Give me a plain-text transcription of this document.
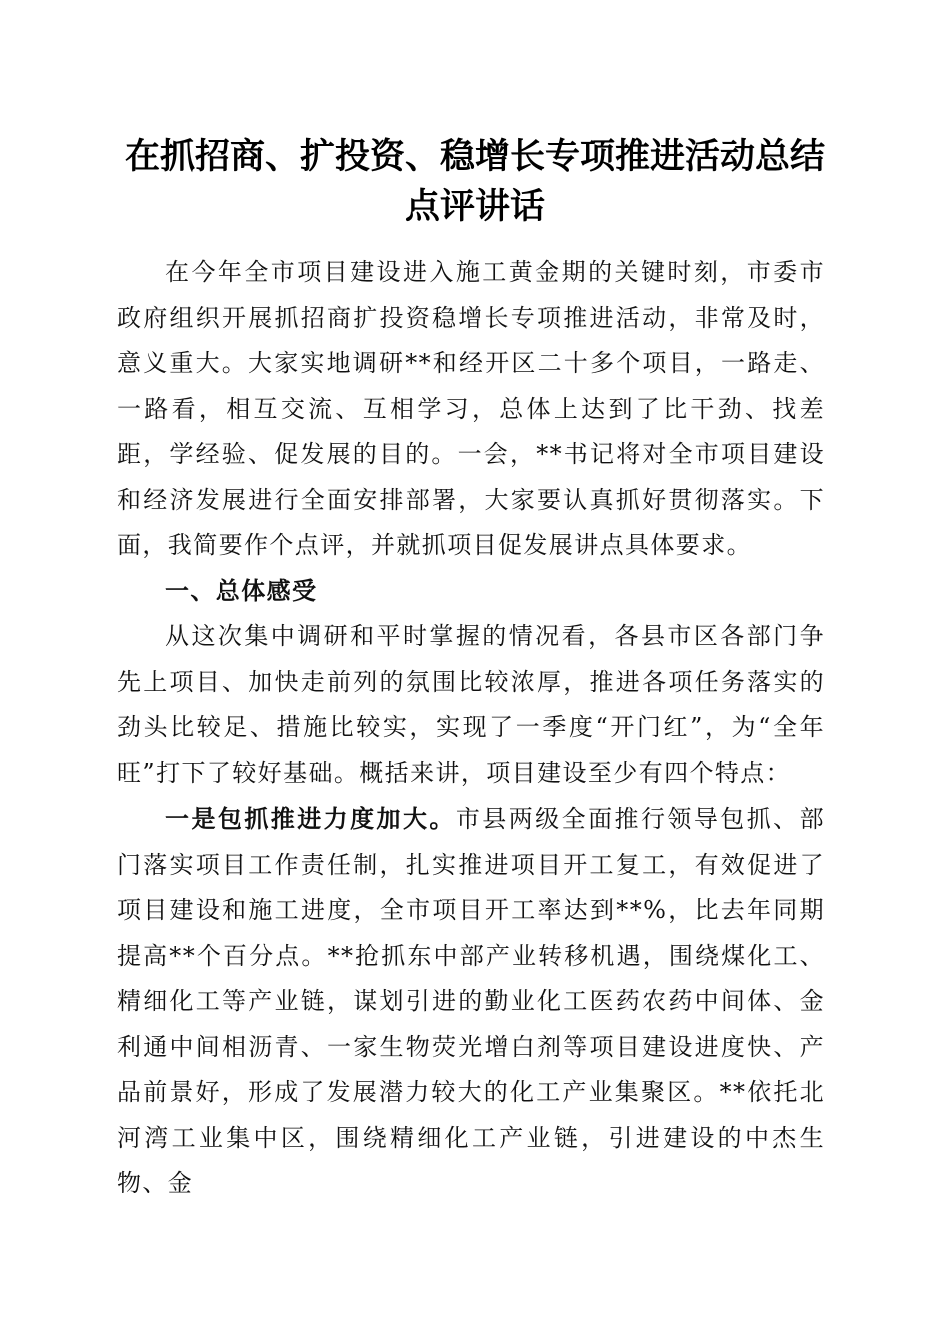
在抓招商、扩投资、稳增长专项推进活动总结
点评讲话

在今年全市项目建设进入施工黄金期的关键时刻，市委市政府组织开展抓招商扩投资稳增长专项推进活动，非常及时，意义重大。大家实地调研**和经开区二十多个项目，一路走、一路看，相互交流、互相学习，总体上达到了比干劲、找差距，学经验、促发展的目的。一会，**书记将对全市项目建设和经济发展进行全面安排部署，大家要认真抓好贯彻落实。下面，我简要作个点评，并就抓项目促发展讲点具体要求。

一、总体感受

从这次集中调研和平时掌握的情况看，各县市区各部门争先上项目、加快走前列的氛围比较浓厚，推进各项任务落实的劲头比较足、措施比较实，实现了一季度“开门红”，为“全年旺”打下了较好基础。概括来讲，项目建设至少有四个特点：

一是包抓推进力度加大。市县两级全面推行领导包抓、部门落实项目工作责任制，扎实推进项目开工复工，有效促进了项目建设和施工进度，全市项目开工率达到**%，比去年同期提高**个百分点。**抢抓东中部产业转移机遇，围绕煤化工、精细化工等产业链，谋划引进的勤业化工医药农药中间体、金利通中间相沥青、一家生物荧光增白剂等项目建设进度快、产品前景好，形成了发展潜力较大的化工产业集聚区。**依托北河湾工业集中区，围绕精细化工产业链，引进建设的中杰生物、金
